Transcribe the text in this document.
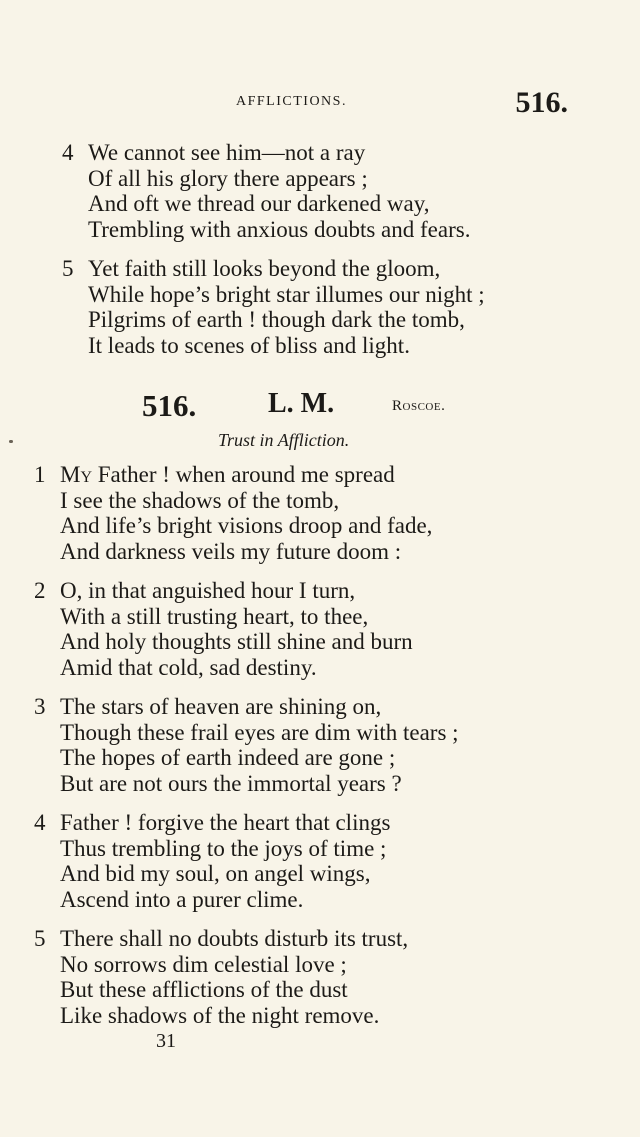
AFFLICTIONS.	516.
4 We cannot see him—not a ray
Of all his glory there appears ;
And oft we thread our darkened way,
Trembling with anxious doubts and fears.
5 Yet faith still looks beyond the gloom,
While hope’s bright star illumes our night ;
Pilgrims of earth ! though dark the tomb,
It leads to scenes of bliss and light.
516.	L. M.	Roscoe.
Trust in Affliction.
1 My Father ! when around me spread
I see the shadows of the tomb,
And life’s bright visions droop and fade,
And darkness veils my future doom :
2 O, in that anguished hour I turn,
With a still trusting heart, to thee,
And holy thoughts still shine and burn
Amid that cold, sad destiny.
3 The stars of heaven are shining on,
Though these frail eyes are dim with tears ;
The hopes of earth indeed are gone ;
But are not ours the immortal years ?
4 Father ! forgive the heart that clings
Thus trembling to the joys of time ;
And bid my soul, on angel wings,
Ascend into a purer clime.
5 There shall no doubts disturb its trust,
No sorrows dim celestial love ;
But these afflictions of the dust
Like shadows of the night remove.
31
